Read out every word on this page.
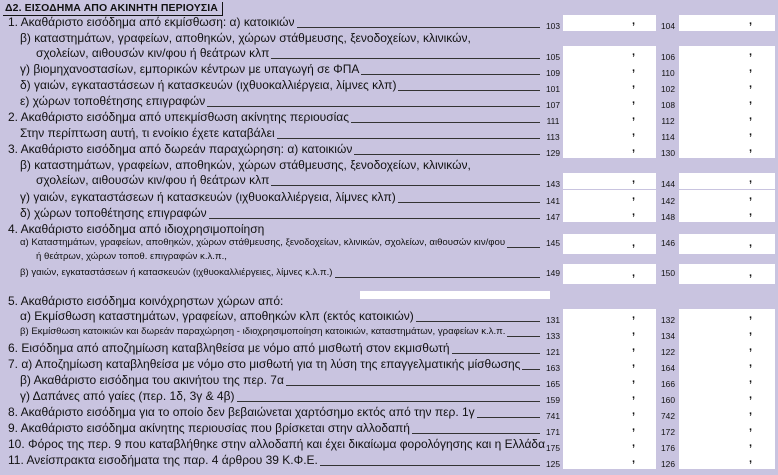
Δ2. ΕΙΣΟΔΗΜΑ ΑΠΟ ΑΚΙΝΗΤΗ ΠΕΡΙΟΥΣΙΑ
1. Ακαθάριστο εισόδημα από εκμίσθωση: α) κατοικιών	103	,	104	,
β) καταστημάτων, γραφείων, αποθηκών, χώρων στάθμευσης, ξενοδοχείων, κλινικών,
σχολείων, αιθουσών κιν/φου ή θεάτρων κλπ	105	,	106	,
γ) βιομηχανοστασίων, εμπορικών κέντρων με υπαγωγή σε ΦΠΑ	109	,	110	,
δ) γαιών, εγκαταστάσεων ή κατασκευών (ιχθυοκαλλιέργεια, λίμνες κλπ)	101	,	102	,
ε) χώρων τοποθέτησης επιγραφών	107	,	108	,
2. Ακαθάριστο εισόδημα από υπεκμίσθωση ακίνητης περιουσίας	111	,	112	,
Στην περίπτωση αυτή, τι ενοίκιο έχετε καταβάλει	113	,	114	,
3. Ακαθάριστο εισόδημα από δωρεάν παραχώρηση: α) κατοικιών	129	,	130	,
β) καταστημάτων, γραφείων, αποθηκών, χώρων στάθμευσης, ξενοδοχείων, κλινικών,
σχολείων, αιθουσών κιν/φου ή θεάτρων κλπ	143	,	144	,
γ) γαιών, εγκαταστάσεων ή κατασκευών (ιχθυοκαλλιέργεια, λίμνες κλπ)	141	,	142	,
δ) χώρων τοποθέτησης επιγραφών	147	,	148	,
4. Ακαθάριστο εισόδημα από ιδιοχρησιμοποίηση
α) Καταστημάτων, γραφείων, αποθηκών, χώρων στάθμευσης, ξενοδοχείων, κλινικών, σχολείων, αιθουσών κιν/φου	145	,	146	,
ή θεάτρων, χώρων τοποθ. επιγραφών κ.λ.π.,
β) γαιών, εγκαταστάσεων ή κατασκευών (ιχθυοκαλλιέργειες, λίμνες κ.λ.π.)	149	,	150	,
5. Ακαθάριστο εισόδημα κοινόχρηστων χώρων από:
α) Εκμίσθωση καταστημάτων, γραφείων, αποθηκών κλπ (εκτός κατοικιών)	131	,	132	,
β) Εκμίσθωση κατοικιών και δωρεάν παραχώρηση - ιδιοχρησιμοποίηση κατοικιών, καταστημάτων, γραφείων κ.λ.π.	133	,	134	,
6. Εισόδημα από αποζημίωση καταβληθείσα με νόμο από μισθωτή στον εκμισθωτή	121	,	122	,
7. α) Αποζημίωση καταβληθείσα με νόμο στο μισθωτή για τη λύση της επαγγελματικής μίσθωσης	163	,	164	,
β) Ακαθάριστο εισόδημα του ακινήτου της περ. 7α	165	,	166	,
γ) Δαπάνες από γαίες (περ. 1δ, 3γ & 4β)	159	,	160	,
8. Ακαθάριστο εισόδημα για το οποίο δεν βεβαιώνεται χαρτόσημο εκτός από την περ. 1γ	741	,	742	,
9. Ακαθάριστο εισόδημα ακίνητης περιουσίας που βρίσκεται στην αλλοδαπή	171	,	172	,
10. Φόρος της περ. 9 που καταβλήθηκε στην αλλοδαπή και έχει δικαίωμα φορολόγησης και η Ελλάδα 175	,	176	,
11. Ανείσπρακτα εισοδήματα της παρ. 4 άρθρου 39 Κ.Φ.Ε.	125	,	126	,
